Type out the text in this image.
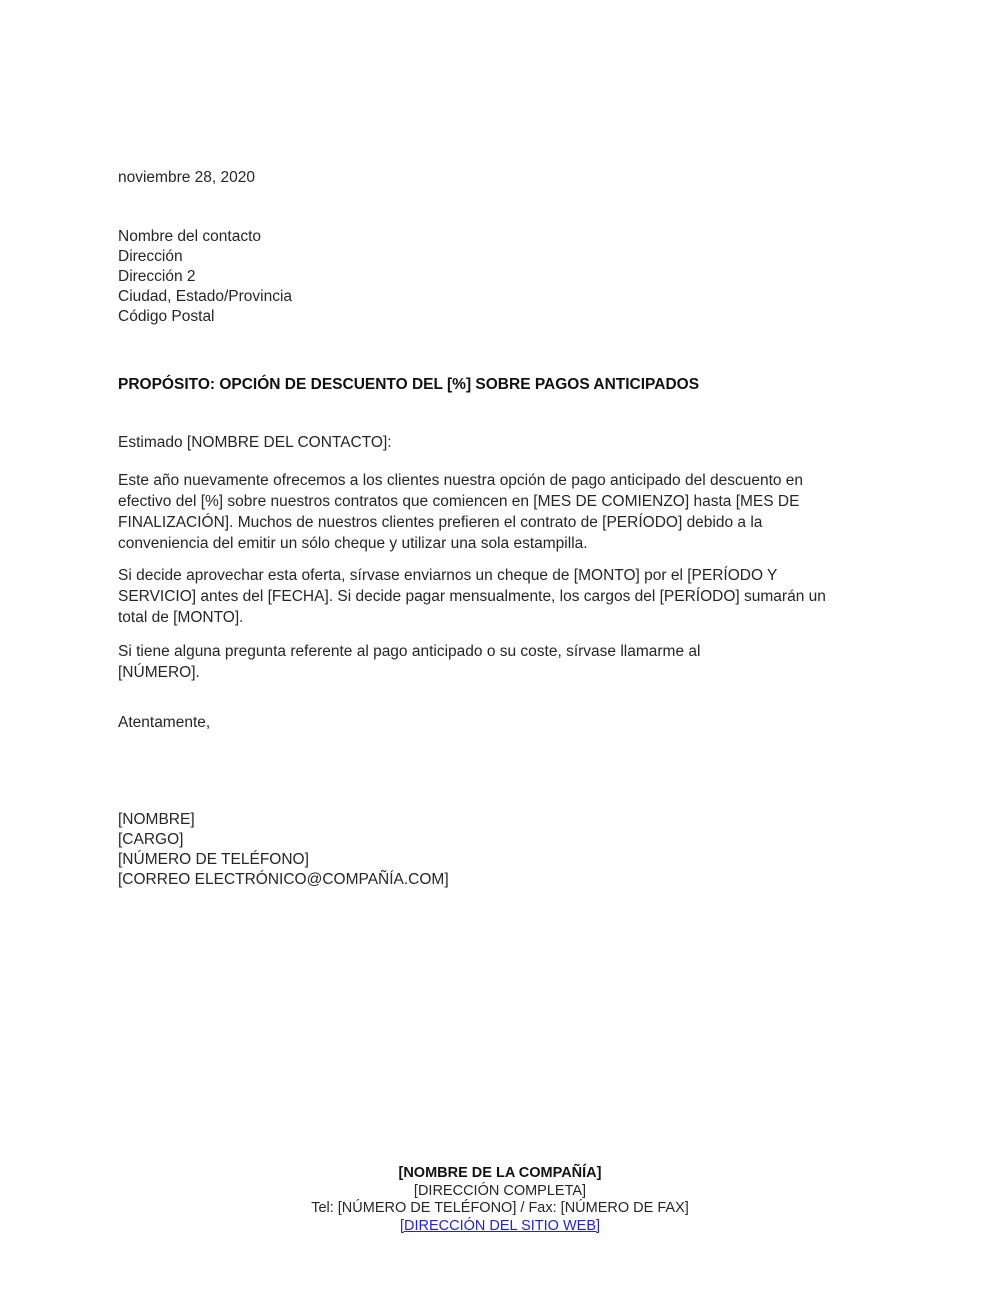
noviembre 28, 2020
Nombre del contacto
Dirección
Dirección 2
Ciudad, Estado/Provincia
Código Postal
PROPÓSITO: OPCIÓN DE DESCUENTO DEL [%] SOBRE PAGOS ANTICIPADOS
Estimado [NOMBRE DEL CONTACTO]:
Este año nuevamente ofrecemos a los clientes nuestra opción de pago anticipado del descuento en
efectivo del [%] sobre nuestros contratos que comiencen en [MES DE COMIENZO] hasta [MES DE
FINALIZACIÓN]. Muchos de nuestros clientes prefieren el contrato de [PERÍODO] debido a la
conveniencia del emitir un sólo cheque y utilizar una sola estampilla.
Si decide aprovechar esta oferta, sírvase enviarnos un cheque de [MONTO] por el [PERÍODO Y
SERVICIO] antes del [FECHA]. Si decide pagar mensualmente, los cargos del [PERÍODO] sumarán un
total de [MONTO].
Si tiene alguna pregunta referente al pago anticipado o su coste, sírvase llamarme al
[NÚMERO].
Atentamente,
[NOMBRE]
[CARGO]
[NÚMERO DE TELÉFONO]
[CORREO ELECTRÓNICO@COMPAÑÍA.COM]
[NOMBRE DE LA COMPAÑÍA]
[DIRECCIÓN COMPLETA]
Tel: [NÚMERO DE TELÉFONO] / Fax: [NÚMERO DE FAX]
[DIRECCIÓN DEL SITIO WEB]
